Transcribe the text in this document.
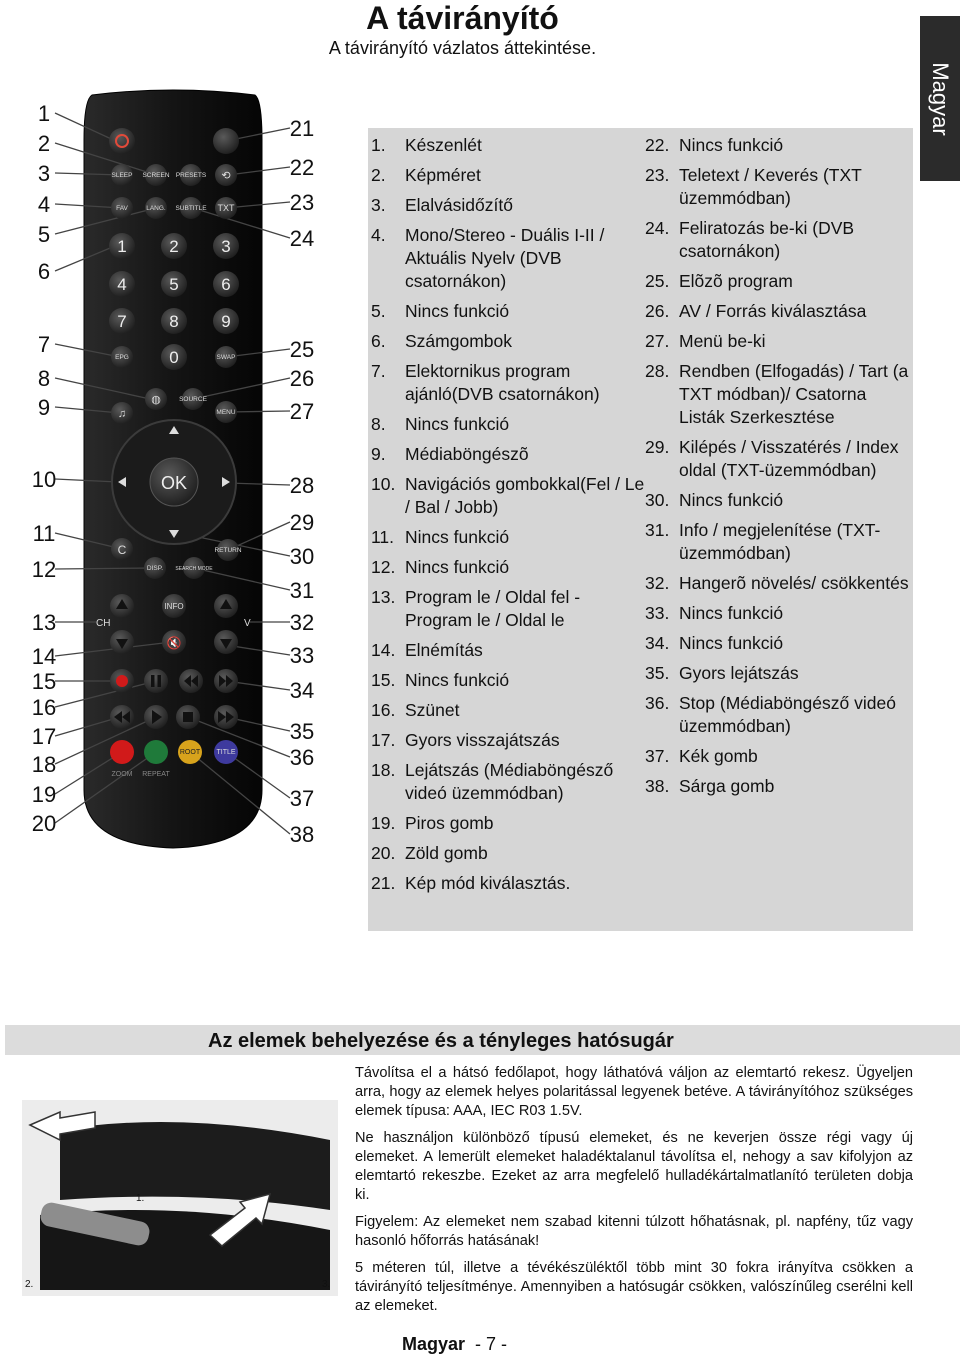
A távirányító
A távirányító vázlatos áttekintése.
Magyar
1
2
3
4
5
6
7
8
9
10
11
12
13
14
15
16
17
18
19
20
21
22
23
24
25
26
27
28
29
30
31
32
33
34
35
36
37
38
SLEEP SCREEN PRESETS ⟲
FAV	LANG. SUBTITLE TXT
1	2	3
4	5	6
7	8	9
0
EPG	SWAP
◍	SOURCE
♫	MENU
OK
C
DISP. SEARCH MODE
RETURN
CH	V
INFO
🔇
ROOT TITLE
ZOOM REPEAT
1.	Készenlét
2.	Képméret
3.	Elalvásidőzítő
4.	Mono/Stereo - Duális I-II / Aktuális Nyelv (DVB csatornákon)
5.	Nincs funkció
6.	Számgombok
7.	Elektornikus program ajánló(DVB csatornákon)
8.	Nincs funkció
9.	Médiaböngészõ
10. Navigációs gombokkal(Fel / Le / Bal / Jobb)
11. Nincs funkció
12. Nincs funkció
13. Program le / Oldal fel - Program le / Oldal le
14. Elnémítás
15. Nincs funkció
16. Szünet
17. Gyors visszajátszás
18. Lejátszás (Médiaböngésző videó üzemmódban)
19. Piros gomb
20. Zöld gomb
21. Kép mód kiválasztás.
22. Nincs funkció
23. Teletext / Keverés (TXT üzemmódban)
24. Feliratozás be-ki (DVB csatornákon)
25. Elõzõ program
26. AV / Forrás kiválasztása
27. Menü be-ki
28. Rendben (Elfogadás) / Tart (a TXT módban)/ Csatorna Listák Szerkesztése
29. Kilépés / Visszatérés / Index oldal (TXT-üzemmódban)
30. Nincs funkció
31. Info / megjelenítése (TXT-üzemmódban)
32. Hangerõ növelés/ csökkentés
33. Nincs funkció
34. Nincs funkció
35. Gyors lejátszás
36. Stop (Médiaböngésző videó üzemmódban)
37. Kék gomb
38. Sárga gomb
Az elemek behelyezése és a tényleges hatósugár
1.
2.	3.

Távolítsa el a hátsó fedőlapot, hogy láthatóvá váljon az elemtartó rekesz. Ügyeljen arra, hogy az elemek helyes polaritással legyenek betéve. A távirányítóhoz szükséges elemek típusa: AAA, IEC R03 1.5V.

Ne használjon különböző típusú elemeket, és ne keverjen össze régi vagy új elemeket. A lemerült elemeket haladéktalanul távolítsa el, nehogy a sav kifolyjon az elemtartó rekeszbe. Ezeket az arra megfelelő hulladékártalmatlanító területen dobja ki.

Figyelem: Az elemeket nem szabad kitenni túlzott hőhatásnak, pl. napfény, tűz vagy hasonló hőforrás hatásának!

5 méteren túl, illetve a tévékészüléktől több mint 30 fokra irányítva csökken a távirányító teljesítménye. Amennyiben a hatósugár csökken, valószínűleg cserélni kell az elemeket.

Magyar - 7 -
